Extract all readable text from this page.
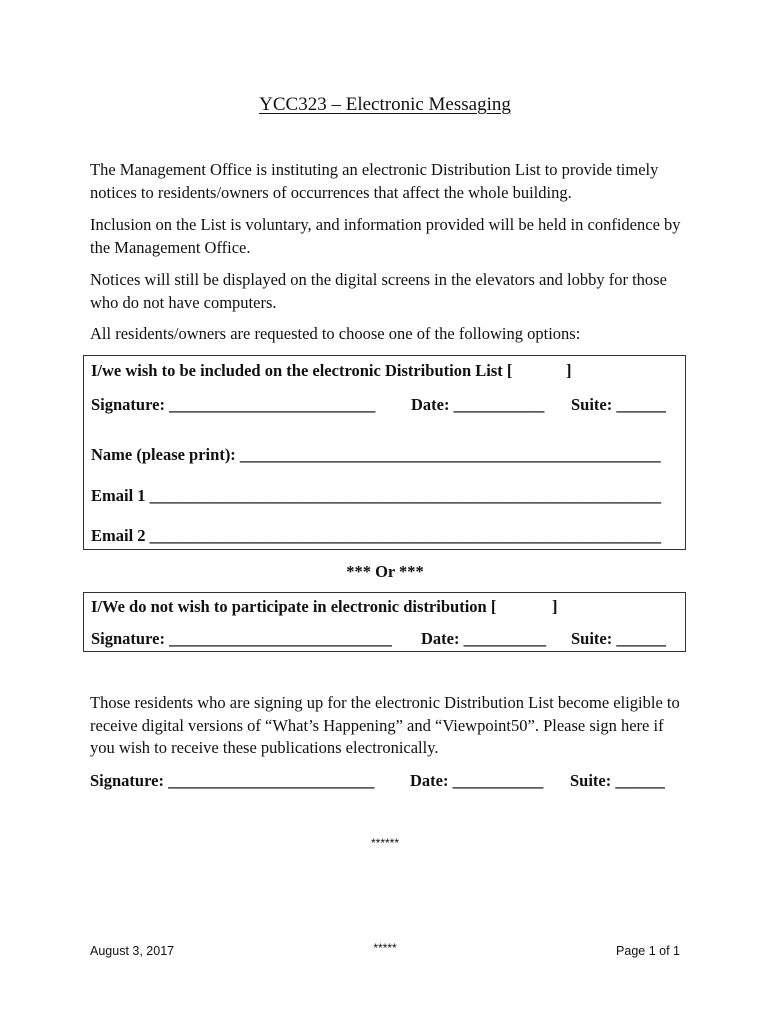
YCC323 – Electronic Messaging

The Management Office is instituting an electronic Distribution List to provide timely notices to residents/owners of occurrences that affect the whole building.

Inclusion on the List is voluntary, and information provided will be held in confidence by the Management Office.

Notices will still be displayed on the digital screens in the elevators and lobby for those who do not have computers.

All residents/owners are requested to choose one of the following options:

I/we wish to be included on the electronic Distribution List [	]
Signature: _________________________ Date: ___________ Suite: ______
Name (please print): ___________________________________________________
Email 1 ______________________________________________________________
Email 2 ______________________________________________________________
*** Or ***
I/We do not wish to participate in electronic distribution [	]
Signature: ___________________________ Date: __________ Suite: ______

Those residents who are signing up for the electronic Distribution List become eligible to receive digital versions of “What’s Happening” and “Viewpoint50”. Please sign here if you wish to receive these publications electronically.

Signature: _________________________ Date: ___________ Suite: ______
******
August 3, 2017	*****	Page 1 of 1
